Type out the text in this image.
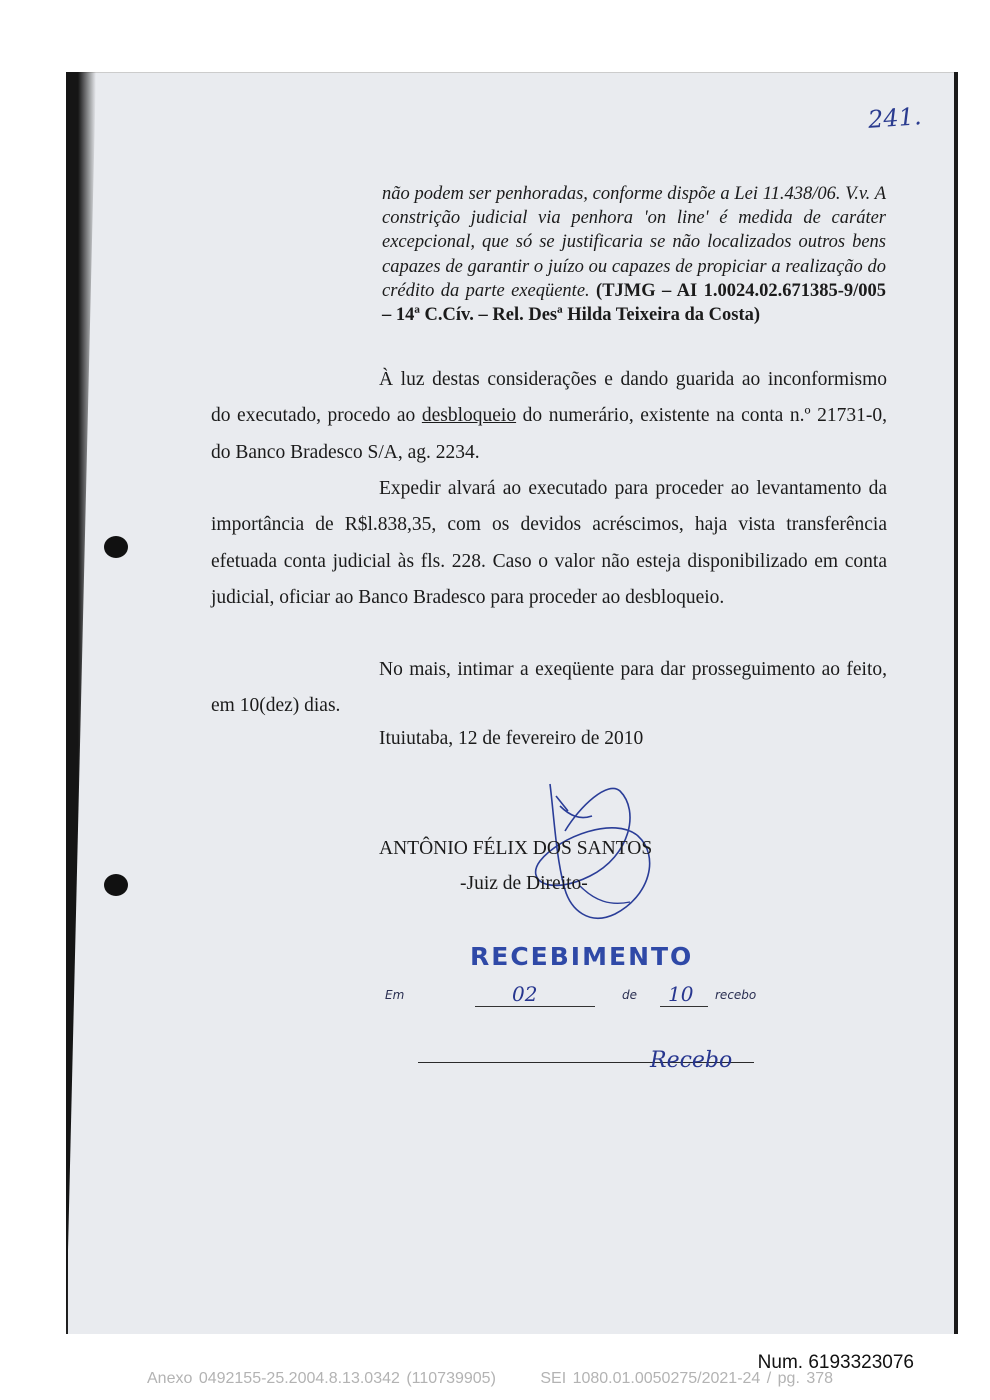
241.
não podem ser penhoradas, conforme dispõe a Lei 11.438/06. V.v. A constrição judicial via penhora 'on line' é medida de caráter excepcional, que só se justificaria se não localizados outros bens capazes de garantir o juízo ou capazes de propiciar a realização do crédito da parte exeqüente. (TJMG – AI 1.0024.02.671385-9/005 – 14ª C.Cív. – Rel. Desª Hilda Teixeira da Costa)

À luz destas considerações e dando guarida ao inconformismo do executado, procedo ao desbloqueio do numerário, existente na conta n.º 21731-0, do Banco Bradesco S/A, ag. 2234.

Expedir alvará ao executado para proceder ao levantamento da importância de R$l.838,35, com os devidos acréscimos, haja vista transferência efetuada conta judicial às fls. 228. Caso o valor não esteja disponibilizado em conta judicial, oficiar ao Banco Bradesco para proceder ao desbloqueio.

No mais, intimar a exeqüente para dar prosseguimento ao feito, em 10(dez) dias.

Ituiutaba, 12 de fevereiro de 2010
ANTÔNIO FÉLIX DOS SANTOS
-Juiz de Direito-
RECEBIMENTO
Em	02	de 10 recebo
Recebo
Num. 6193323076
Anexo 0492155-25.2004.8.13.0342 (110739905)	SEI 1080.01.0050275/2021-24 / pg. 378
